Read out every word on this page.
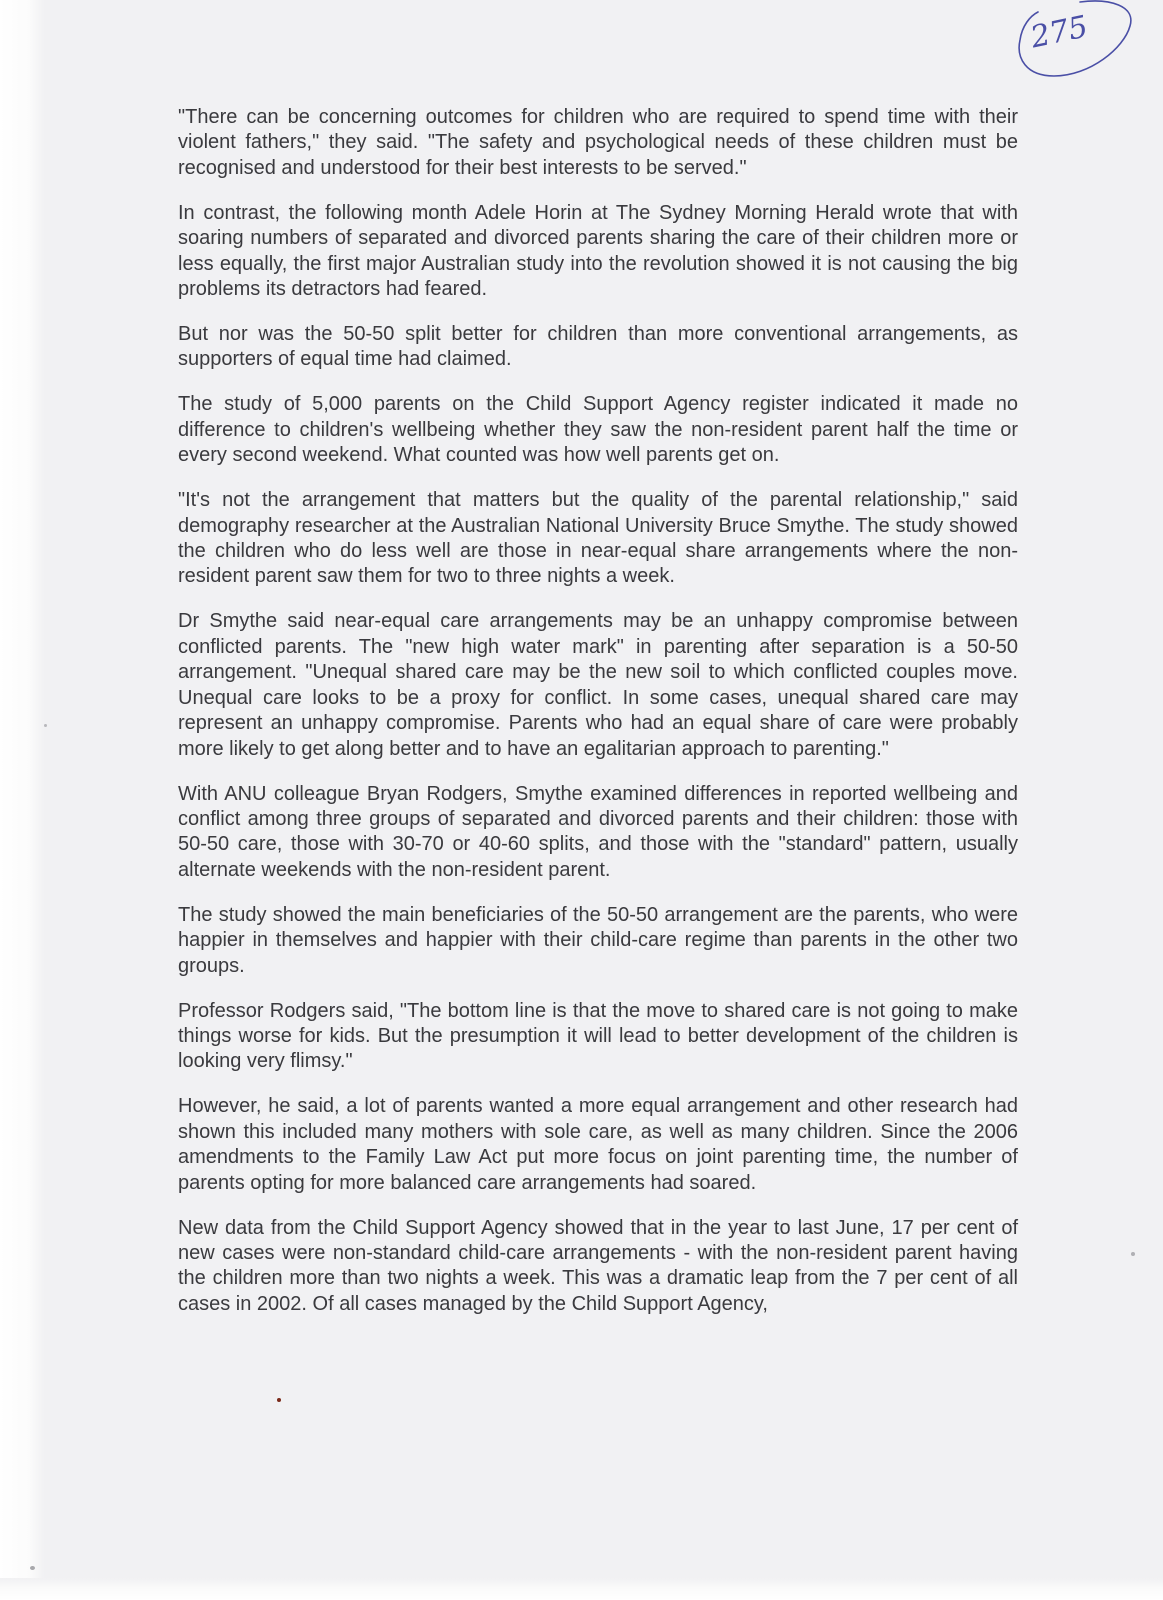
275

"There can be concerning outcomes for children who are required to spend time with their violent fathers," they said. "The safety and psychological needs of these children must be recognised and understood for their best interests to be served."

In contrast, the following month Adele Horin at The Sydney Morning Herald wrote that with soaring numbers of separated and divorced parents sharing the care of their children more or less equally, the first major Australian study into the revolution showed it is not causing the big problems its detractors had feared.

But nor was the 50-50 split better for children than more conventional arrangements, as supporters of equal time had claimed.

The study of 5,000 parents on the Child Support Agency register indicated it made no difference to children's wellbeing whether they saw the non-resident parent half the time or every second weekend. What counted was how well parents get on.

"It's not the arrangement that matters but the quality of the parental relationship," said demography researcher at the Australian National University Bruce Smythe. The study showed the children who do less well are those in near-equal share arrangements where the non-resident parent saw them for two to three nights a week.

Dr Smythe said near-equal care arrangements may be an unhappy compromise between conflicted parents. The "new high water mark" in parenting after separation is a 50-50 arrangement. "Unequal shared care may be the new soil to which conflicted couples move. Unequal care looks to be a proxy for conflict. In some cases, unequal shared care may represent an unhappy compromise. Parents who had an equal share of care were probably more likely to get along better and to have an egalitarian approach to parenting."

With ANU colleague Bryan Rodgers, Smythe examined differences in reported wellbeing and conflict among three groups of separated and divorced parents and their children: those with 50-50 care, those with 30-70 or 40-60 splits, and those with the "standard" pattern, usually alternate weekends with the non-resident parent.

The study showed the main beneficiaries of the 50-50 arrangement are the parents, who were happier in themselves and happier with their child-care regime than parents in the other two groups.

Professor Rodgers said, "The bottom line is that the move to shared care is not going to make things worse for kids. But the presumption it will lead to better development of the children is looking very flimsy."

However, he said, a lot of parents wanted a more equal arrangement and other research had shown this included many mothers with sole care, as well as many children. Since the 2006 amendments to the Family Law Act put more focus on joint parenting time, the number of parents opting for more balanced care arrangements had soared.

New data from the Child Support Agency showed that in the year to last June, 17 per cent of new cases were non-standard child-care arrangements - with the non-resident parent having the children more than two nights a week. This was a dramatic leap from the 7 per cent of all cases in 2002. Of all cases managed by the Child Support Agency,
